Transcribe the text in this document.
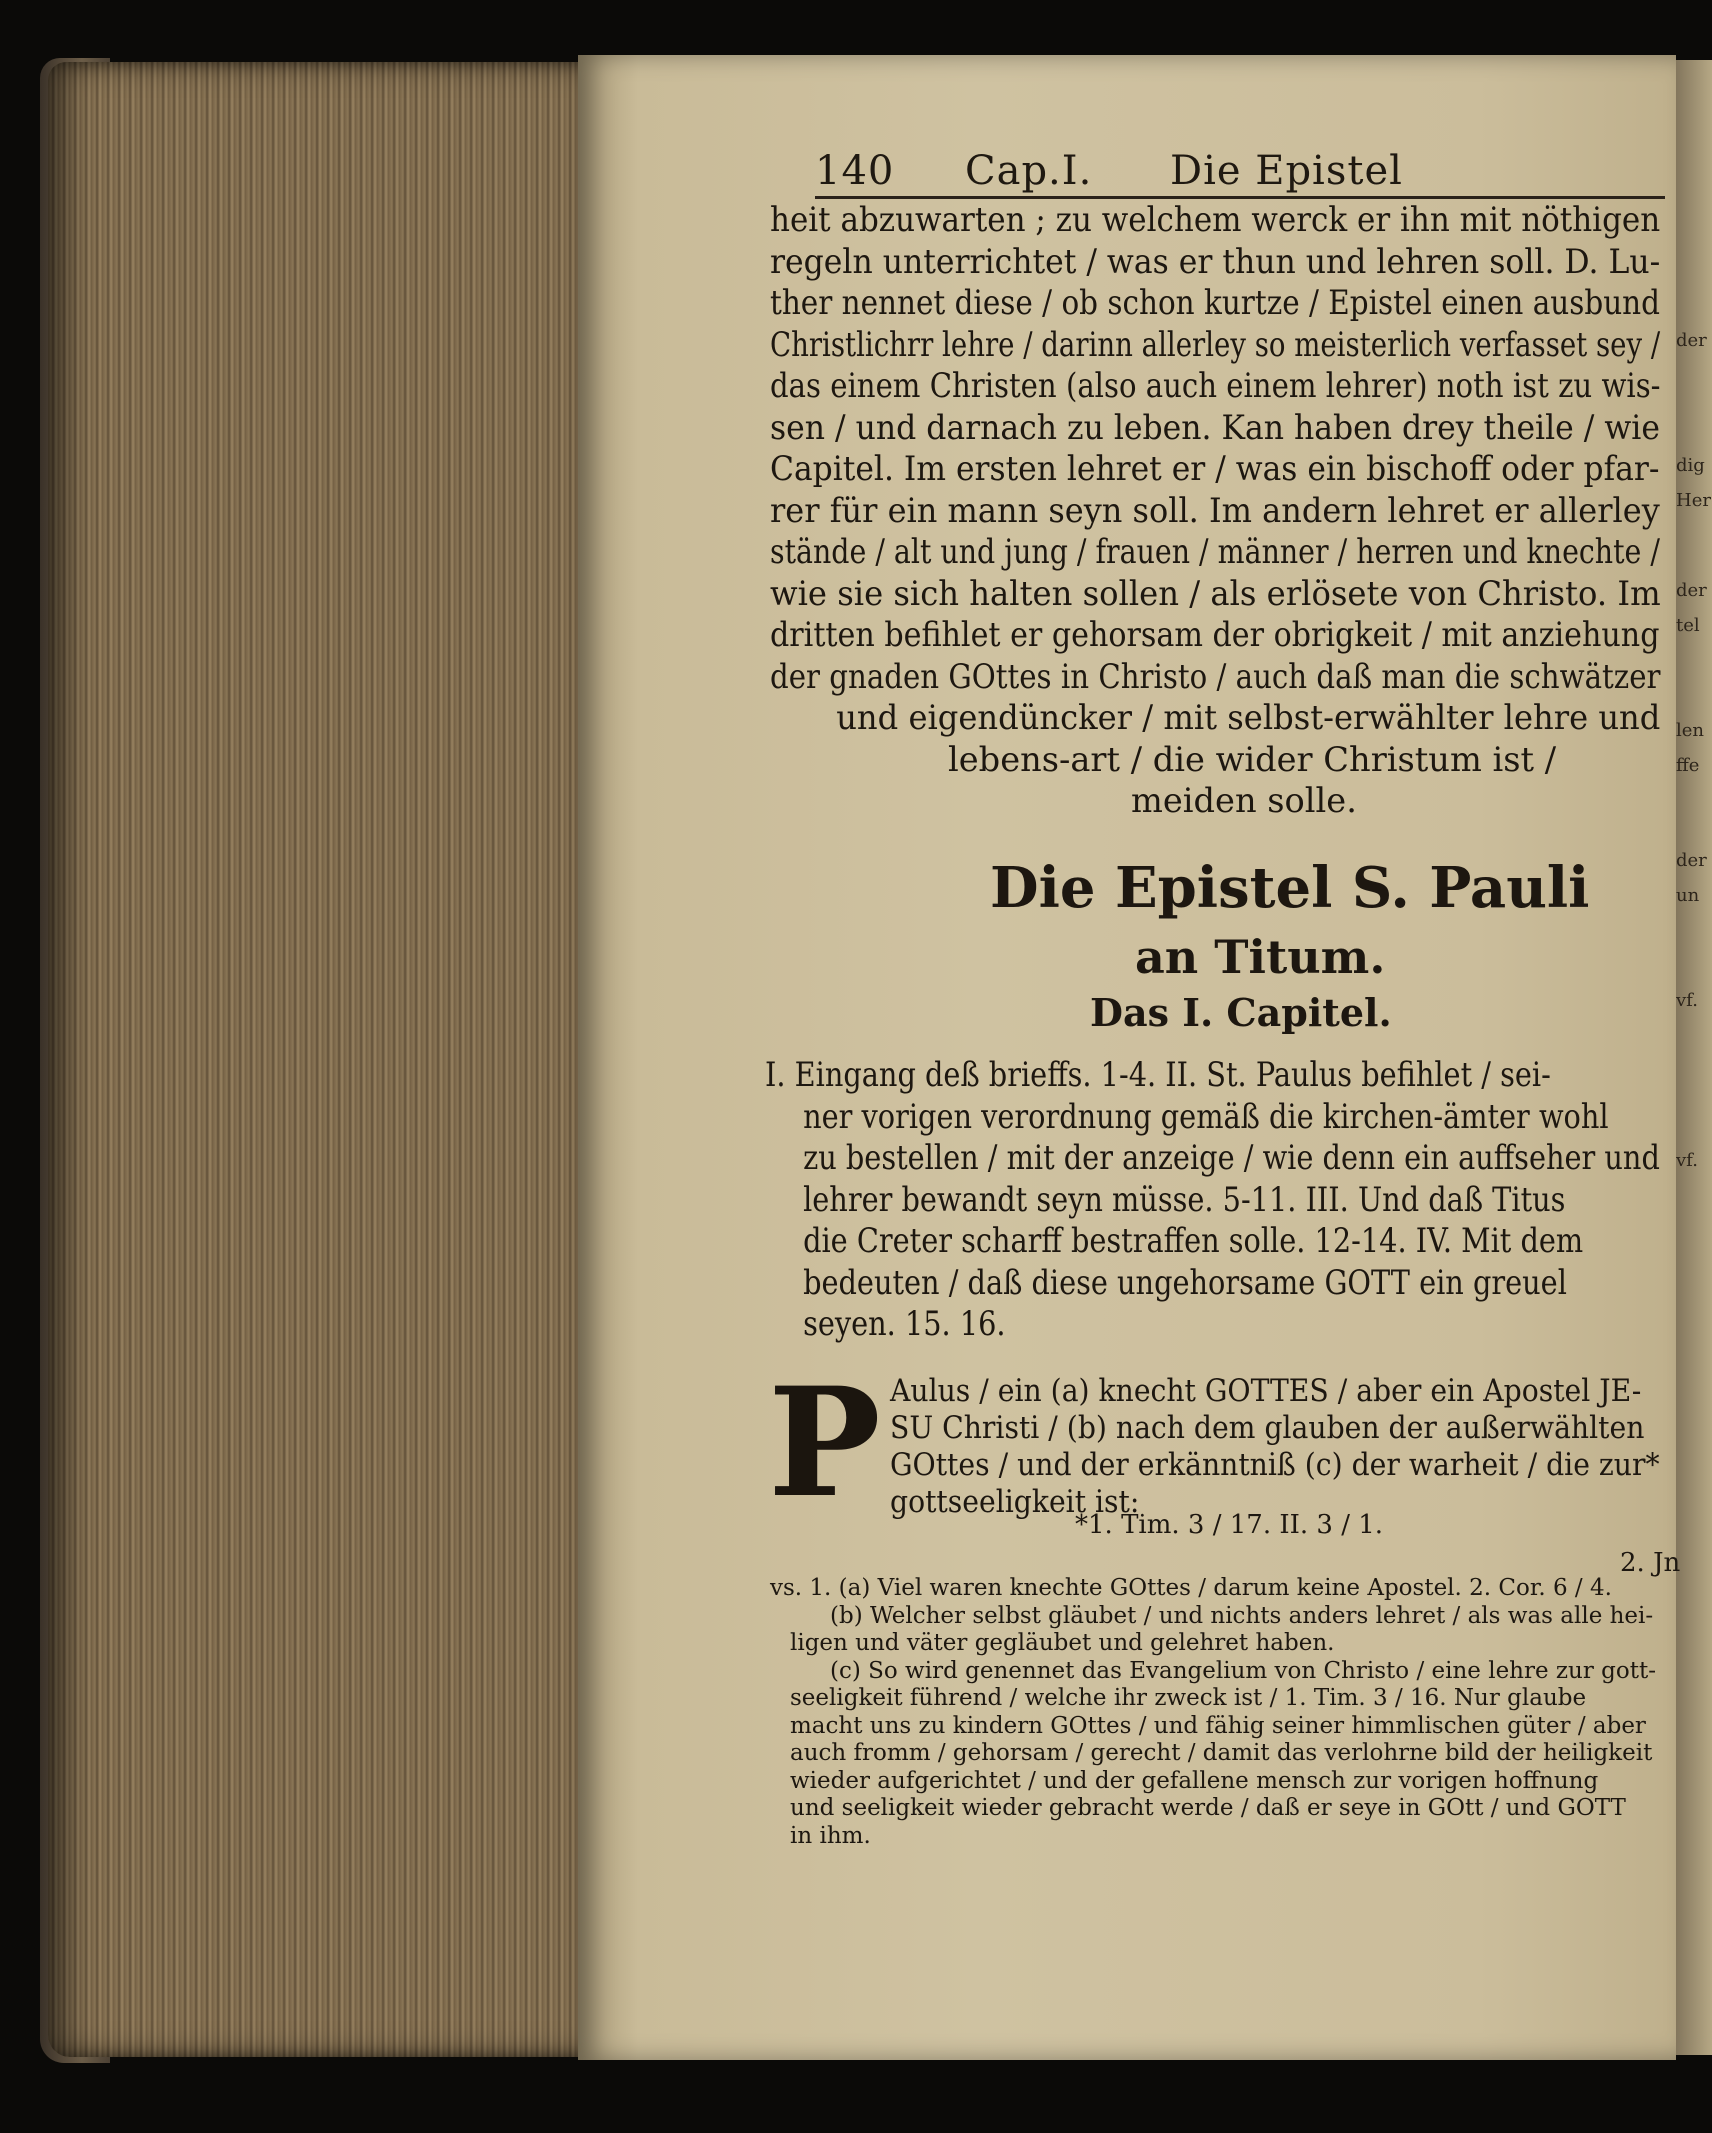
der
dig
Her
der
tel
len
ffe
der
un
vf.
vf.
140 Cap.I. Die Epistel
heit abzuwarten ; zu welchem werck er ihn mit nöthigen
regeln unterrichtet / was er thun und lehren soll. D. Lu-
ther nennet diese / ob schon kurtze / Epistel einen ausbund
Christlichrr lehre / darinn allerley so meisterlich verfasset sey /
das einem Christen (also auch einem lehrer) noth ist zu wis-
sen / und darnach zu leben. Kan haben drey theile / wie
Capitel. Im ersten lehret er / was ein bischoff oder pfar-
rer für ein mann seyn soll. Im andern lehret er allerley
stände / alt und jung / frauen / männer / herren und knechte /
wie sie sich halten sollen / als erlösete von Christo. Im
dritten befihlet er gehorsam der obrigkeit / mit anziehung
der gnaden GOttes in Christo / auch daß man die schwätzer
und eigendüncker / mit selbst-erwählter lehre und
lebens-art / die wider Christum ist /
meiden solle.
Die Epistel S. Pauli
an Titum.
Das I. Capitel.
I. Eingang deß brieffs. 1-4. II. St. Paulus befihlet / sei-
ner vorigen verordnung gemäß die kirchen-ämter wohl
zu bestellen / mit der anzeige / wie denn ein auffseher und
lehrer bewandt seyn müsse. 5-11. III. Und daß Titus
die Creter scharff bestraffen solle. 12-14. IV. Mit dem
bedeuten / daß diese ungehorsame GOTT ein greuel
seyen. 15. 16.
P Aulus / ein (a) knecht GOTTES / aber ein Apostel JE-
SU Christi / (b) nach dem glauben der außerwählten
GOttes / und der erkänntniß (c) der warheit / die zur*
gottseeligkeit ist:
*1. Tim. 3 / 17. II. 3 / 1.
2. Jn
vs. 1. (a) Viel waren knechte GOttes / darum keine Apostel. 2. Cor. 6 / 4.
(b) Welcher selbst gläubet / und nichts anders lehret / als was alle hei-
ligen und väter gegläubet und gelehret haben.
(c) So wird genennet das Evangelium von Christo / eine lehre zur gott-
seeligkeit führend / welche ihr zweck ist / 1. Tim. 3 / 16. Nur glaube
macht uns zu kindern GOttes / und fähig seiner himmlischen güter / aber
auch fromm / gehorsam / gerecht / damit das verlohrne bild der heiligkeit
wieder aufgerichtet / und der gefallene mensch zur vorigen hoffnung
und seeligkeit wieder gebracht werde / daß er seye in GOtt / und GOTT
in ihm.
